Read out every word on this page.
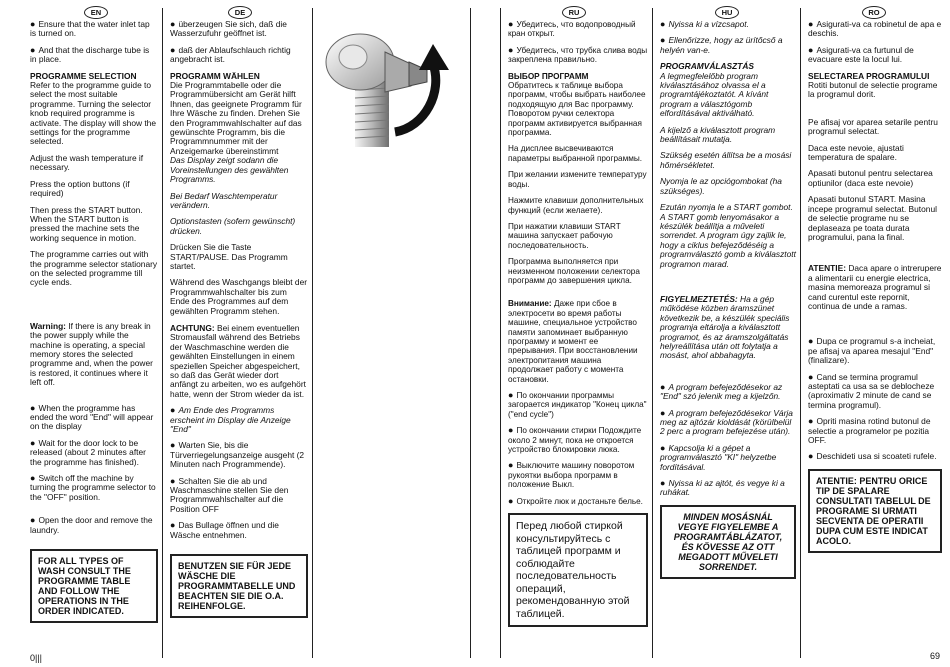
EN	DE	RU	HU	RO

● Ensure that the water inlet tap is turned on.

● And that the discharge tube is in place.

PROGRAMME SELECTION

Refer to the programme guide to select the most suitable programme. Turning the selector knob required programme is activate. The display will show the settings for the programme selected.

Adjust the wash temperature if necessary.

Press the option buttons (if required)

Then press the START button. When the START button is pressed the machine sets the working sequence in motion.

The programme carries out with the programme selector stationary on the selected programme till cycle ends.

Warning: If there is any break in the power supply while the machine is operating, a special memory stores the selected programme and, when the power is restored, it continues where it left off.

● When the programme has ended the word "End" will appear on the display

● Wait for the door lock to be released (about 2 minutes after the programme has finished).

● Switch off the machine by turning the programme selector to the "OFF" position.

● Open the door and remove the laundry.

FOR ALL TYPES OF WASH CONSULT THE PROGRAMME TABLE AND FOLLOW THE OPERATIONS IN THE ORDER INDICATED.

● überzeugen Sie sich, daß die Wasserzufuhr geöffnet ist.

● daß der Ablaufschlauch richtig angebracht ist.

PROGRAMM WÄHLEN

Die Programmtabelle oder die Programmübersicht am Gerät hilft Ihnen, das geeignete Programm für Ihre Wäsche zu finden. Drehen Sie den Programmwahlschalter auf das gewünschte Programm, bis die Programmnummer mit der Anzeigemarke übereinstimmt

Das Display zeigt sodann die Voreinstellungen des gewählten Programms.

Bei Bedarf Waschtemperatur verändern.

Optionstasten (sofern gewünscht) drücken.

Drücken Sie die Taste START/PAUSE. Das Programm startet.

Während des Waschgangs bleibt der Programmwahlschalter bis zum Ende des Programmes auf dem gewählten Programm stehen.

ACHTUNG: Bei einem eventuellen Stromausfall während des Betriebs der Waschmaschine werden die gewählten Einstellungen in einem speziellen Speicher abgespeichert, so daß das Gerät wieder dort anfängt zu arbeiten, wo es aufgehört hatte, wenn der Strom wieder da ist.

● Am Ende des Programms erscheint im Display die Anzeige "End"

● Warten Sie, bis die Türverriegelungsanzeige ausgeht (2 Minuten nach Programmende).

● Schalten Sie die ab und Waschmaschine stellen Sie den Programmwahlschalter auf die Position OFF

● Das Bullage öffnen und die Wäsche entnehmen.

BENUTZEN SIE FÜR JEDE WÄSCHE DIE PROGRAMMTABELLE UND BEACHTEN SIE DIE O.A. REIHENFOLGE.

● Убедитесь, что водопроводный кран открыт.

● Убедитесь, что трубка слива воды закреплена правильно.

ВЫБОР ПРОГРАММ

Обратитесь к таблице выбора программ, чтобы выбрать наиболее подходящую для Вас программу. Поворотом ручки селектора программ активируется выбранная программа.

На дисплее высвечиваются параметры выбранной программы.

При желании измените температуру воды.

Нажмите клавиши дополнительных функций (если желаете).

При нажатии клавиши START машина запускает рабочую последовательность.

Программа выполняется при неизменном положении селектора программ до завершения цикла.

Внимание: Даже при сбое в электросети во время работы машине, специальное устройство памяти запоминает выбранную программу и момент ее прерывания. При восстановлении электропитания машина продолжает работу с момента остановки.

● По окончании программы загорается индикатор "Конец цикла" ("end cycle")

● По окончании стирки Подождите около 2 минут, пока не откроется устройство блокировки люка.

● Выключите машину поворотом рукоятки выбора программ в положение Выкл.

● Откройте люк и достаньте белье.

Перед любой стиркой консультируйтесь с таблицей программ и соблюдайте последовательность операций, рекомендованную этой таблицей.

● Nyissa ki a vízcsapot.

● Ellenőrizze, hogy az ürítőcső a helyén van-e.

PROGRAMVÁLASZTÁS

A legmegfelelőbb program kiválasztásához olvassa el a programtájékoztatót. A kívánt program a választógomb elfordításával aktiválható.

A kijelző a kiválasztott program beállításait mutatja.

Szükség esetén állítsa be a mosási hőmérsékletet.

Nyomja le az opciógombokat (ha szükséges).

Ezután nyomja le a START gombot. A START gomb lenyomásakor a készülék beállítja a műveleti sorrendet. A program úgy zajlik le, hogy a ciklus befejeződéséig a programválasztó gomb a kiválasztott programon marad.

FIGYELMEZTETÉS: Ha a gép működése közben áramszünet következik be, a készülék speciális programja eltárolja a kiválasztott programot, és az áramszolgáltatás helyreállítása után ott folytatja a mosást, ahol abbahagyta.

● A program befejeződésekor az "End" szó jelenik meg a kijelzőn.

● A program befejeződésekor Várja meg az ajtózár kioldását (körülbelül 2 perc a program befejezése után).

● Kapcsolja ki a gépet a programválasztó "KI" helyzetbe fordításával.

● Nyissa ki az ajtót, és vegye ki a ruhákat.

MINDEN MOSÁSNÁL VEGYE FIGYELEMBE A PROGRAMTÁBLÁZATOT, ÉS KÖVESSE AZ OTT MEGADOTT MŰVELETI SORRENDET.

● Asigurati-va ca robinetul de apa e deschis.

● Asigurati-va ca furtunul de evacuare este la locul lui.

SELECTAREA PROGRAMULUI

Rotiti butonul de selectie programe la programul dorit.

Pe afisaj vor aparea setarile pentru programul selectat.

Daca este nevoie, ajustati temperatura de spalare.

Apasati butonul pentru selectarea optiunilor (daca este nevoie)

Apasati butonul START. Masina incepe programul selectat. Butonul de selectie programe nu se deplaseaza pe toata durata programului, pana la final.

ATENTIE: Daca apare o intrerupere a alimentarii cu energie electrica, masina memoreaza programul si cand curentul este repornit, continua de unde a ramas.

● Dupa ce programul s-a incheiat, pe afisaj va aparea mesajul "End" (finalizare).

● Cand se termina programul asteptati ca usa sa se deblocheze (aproximativ 2 minute de cand se termina programul).

● Opriti masina rotind butonul de selectie a programelor pe pozitia OFF.

● Deschideti usa si scoateti rufele.

ATENTIE: PENTRU ORICE TIP DE SPALARE CONSULTATI TABELUL DE PROGRAME SI URMATI SECVENTA DE OPERATII DUPA CUM ESTE INDICAT ACOLO.
0|||	69
